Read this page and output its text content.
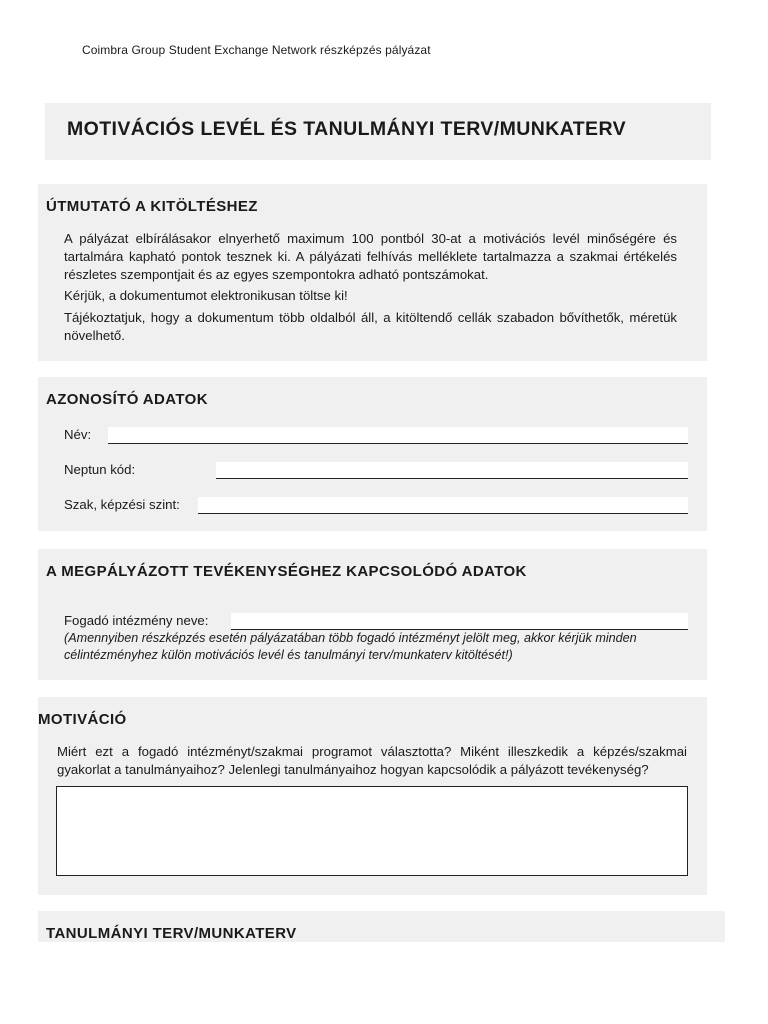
Coimbra Group Student Exchange Network részképzés pályázat
MOTIVÁCIÓS LEVÉL ÉS TANULMÁNYI TERV/MUNKATERV
ÚTMUTATÓ A KITÖLTÉSHEZ
A pályázat elbírálásakor elnyerhető maximum 100 pontból 30-at a motivációs levél minőségére és tartalmára kapható pontok tesznek ki. A pályázati felhívás melléklete tartalmazza a szakmai értékelés részletes szempontjait és az egyes szempontokra adható pontszámokat.
Kérjük, a dokumentumot elektronikusan töltse ki!
Tájékoztatjuk, hogy a dokumentum több oldalból áll, a kitöltendő cellák szabadon bővíthetők, méretük növelhető.
AZONOSÍTÓ ADATOK
Név:
Neptun kód:
Szak, képzési szint:
A MEGPÁLYÁZOTT TEVÉKENYSÉGHEZ KAPCSOLÓDÓ ADATOK
Fogadó intézmény neve:
(Amennyiben részképzés esetén pályázatában több fogadó intézményt jelölt meg, akkor kérjük minden célintézményhez külön motivációs levél és tanulmányi terv/munkaterv kitöltését!)
MOTIVÁCIÓ
Miért ezt a fogadó intézményt/szakmai programot választotta? Miként illeszkedik a képzés/szakmai gyakorlat a tanulmányaihoz? Jelenlegi tanulmányaihoz hogyan kapcsolódik a pályázott tevékenység?
TANULMÁNYI TERV/MUNKATERV
